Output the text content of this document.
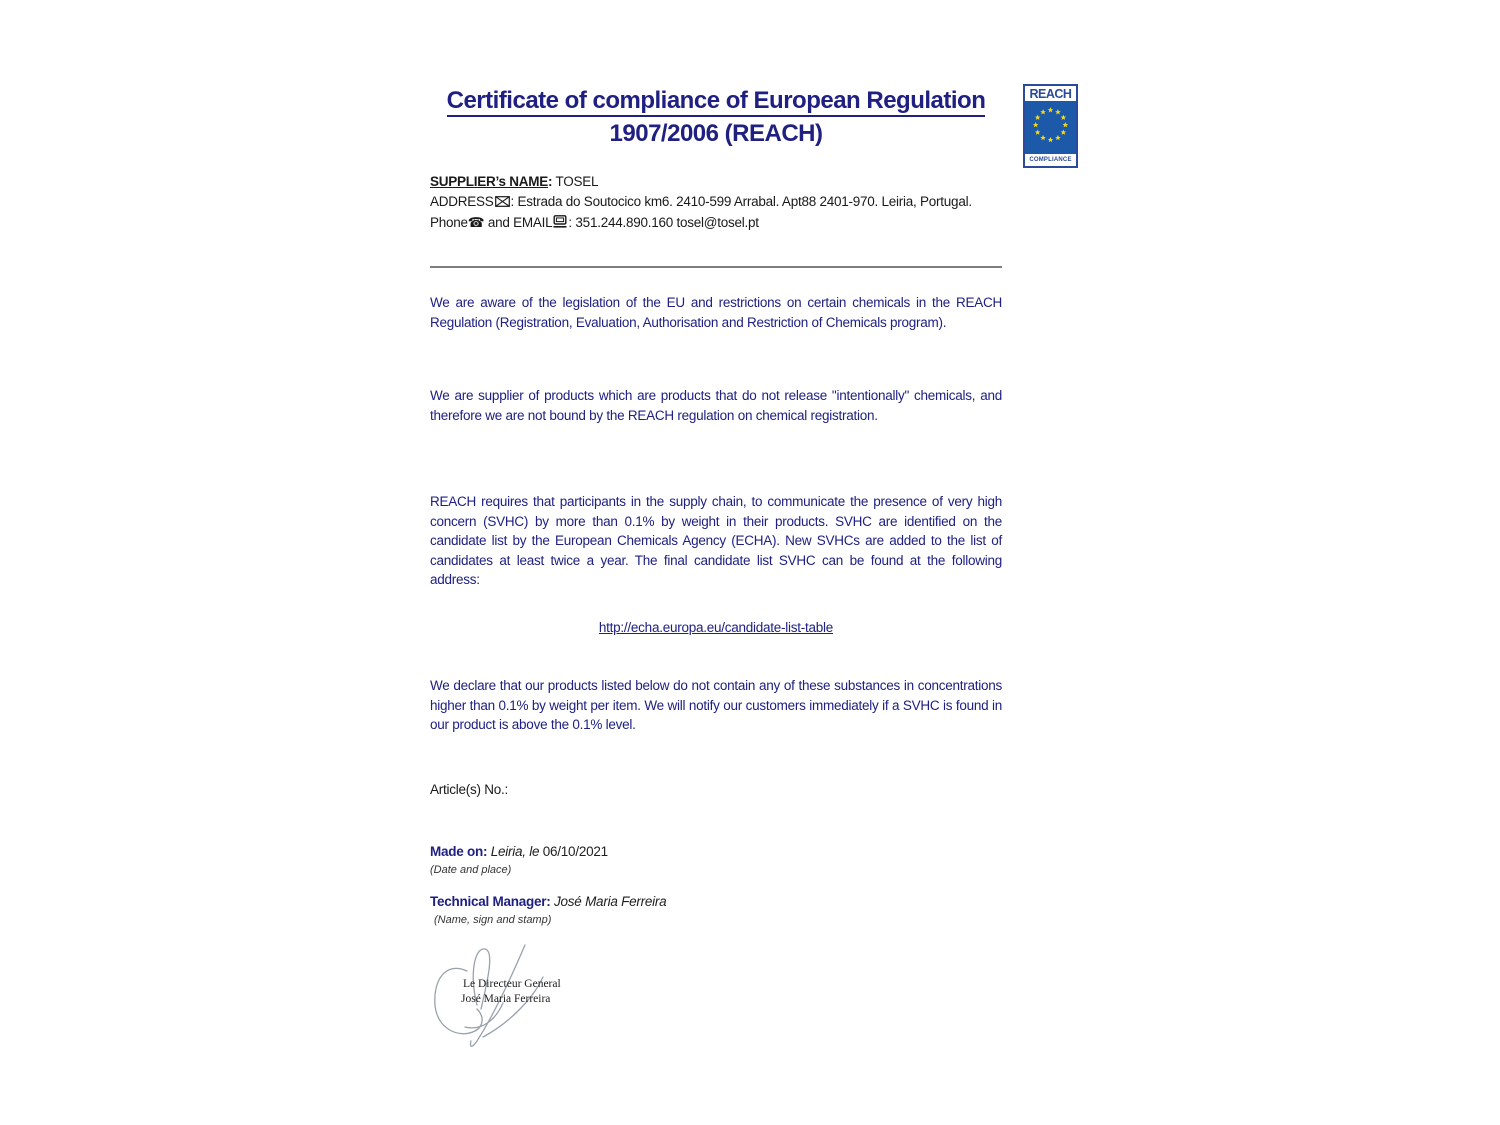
Certificate of compliance of European Regulation
1907/2006 (REACH)
REACH
COMPLIANCE

SUPPLIER’s NAME: TOSEL

ADDRESS : Estrada do Soutocico km6. 2410-599 Arrabal. Apt88 2401-970. Leiria, Portugal.

Phone☎ and EMAIL : 351.244.890.160 tosel@tosel.pt

We are aware of the legislation of the EU and restrictions on certain chemicals in the REACH Regulation (Registration, Evaluation, Authorisation and Restriction of Chemicals program).

We are supplier of products which are products that do not release "intentionally" chemicals, and therefore we are not bound by the REACH regulation on chemical registration.

REACH requires that participants in the supply chain, to communicate the presence of very high concern (SVHC) by more than 0.1% by weight in their products. SVHC are identified on the candidate list by the European Chemicals Agency (ECHA). New SVHCs are added to the list of candidates at least twice a year. The final candidate list SVHC can be found at the following address:

http://echa.europa.eu/candidate-list-table

We declare that our products listed below do not contain any of these substances in concentrations higher than 0.1% by weight per item. We will notify our customers immediately if a SVHC is found in our product is above the 0.1% level.

Article(s) No.:

Made on: Leiria, le 06/10/2021
(Date and place)
Technical Manager: José Maria Ferreira
(Name, sign and stamp)
Le Directeur General
José Maria Ferreira
